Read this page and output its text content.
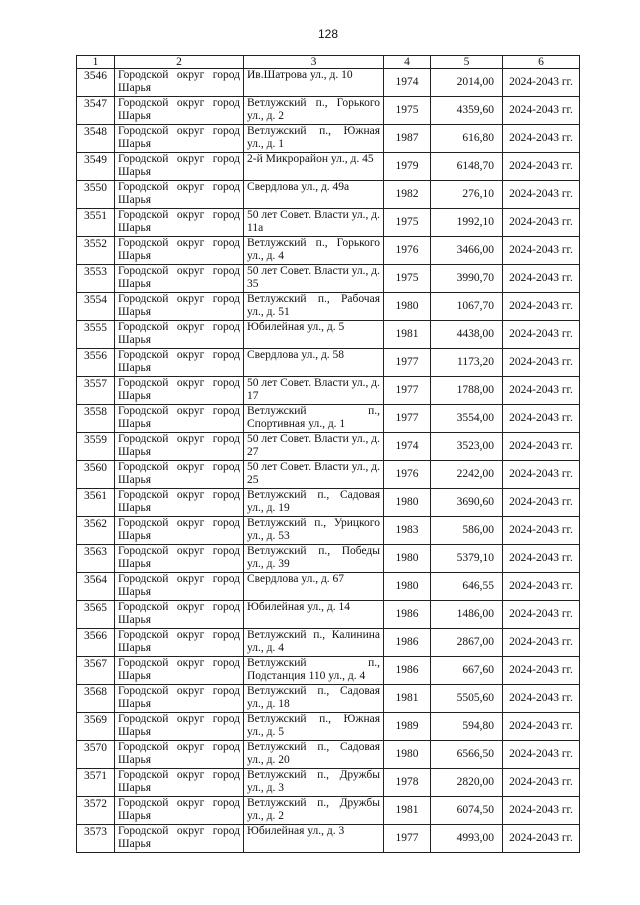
128
1	2	3	4	5	6
3546	Городской округ город Шарья	Ив.Шатрова ул., д. 10	1974	2014,00	2024-2043 гг.
3547	Городской округ город Шарья	Ветлужский п., Горького ул., д. 2	1975	4359,60	2024-2043 гг.
3548	Городской округ город Шарья	Ветлужский п., Южная ул., д. 1	1987	616,80	2024-2043 гг.
3549	Городской округ город Шарья	2-й Микрорайон ул., д. 45	1979	6148,70	2024-2043 гг.
3550	Городской округ город Шарья	Свердлова ул., д. 49а	1982	276,10	2024-2043 гг.
3551	Городской округ город Шарья	50 лет Совет. Власти ул., д. 11а	1975	1992,10	2024-2043 гг.
3552	Городской округ город Шарья	Ветлужский п., Горького ул., д. 4	1976	3466,00	2024-2043 гг.
3553	Городской округ город Шарья	50 лет Совет. Власти ул., д. 35	1975	3990,70	2024-2043 гг.
3554	Городской округ город Шарья	Ветлужский п., Рабочая ул., д. 51	1980	1067,70	2024-2043 гг.
3555	Городской округ город Шарья	Юбилейная ул., д. 5	1981	4438,00	2024-2043 гг.
3556	Городской округ город Шарья	Свердлова ул., д. 58	1977	1173,20	2024-2043 гг.
3557	Городской округ город Шарья	50 лет Совет. Власти ул., д. 17	1977	1788,00	2024-2043 гг.
3558	Городской округ город Шарья	Ветлужский п., Спортивная ул., д. 1	1977	3554,00	2024-2043 гг.
3559	Городской округ город Шарья	50 лет Совет. Власти ул., д. 27	1974	3523,00	2024-2043 гг.
3560	Городской округ город Шарья	50 лет Совет. Власти ул., д. 25	1976	2242,00	2024-2043 гг.
3561	Городской округ город Шарья	Ветлужский п., Садовая ул., д. 19	1980	3690,60	2024-2043 гг.
3562	Городской округ город Шарья	Ветлужский п., Урицкого ул., д. 53	1983	586,00	2024-2043 гг.
3563	Городской округ город Шарья	Ветлужский п., Победы ул., д. 39	1980	5379,10	2024-2043 гг.
3564	Городской округ город Шарья	Свердлова ул., д. 67	1980	646,55	2024-2043 гг.
3565	Городской округ город Шарья	Юбилейная ул., д. 14	1986	1486,00	2024-2043 гг.
3566	Городской округ город Шарья	Ветлужский п., Калинина ул., д. 4	1986	2867,00	2024-2043 гг.
3567	Городской округ город Шарья	Ветлужский п., Подстанция 110 ул., д. 4	1986	667,60	2024-2043 гг.
3568	Городской округ город Шарья	Ветлужский п., Садовая ул., д. 18	1981	5505,60	2024-2043 гг.
3569	Городской округ город Шарья	Ветлужский п., Южная ул., д. 5	1989	594,80	2024-2043 гг.
3570	Городской округ город Шарья	Ветлужский п., Садовая ул., д. 20	1980	6566,50	2024-2043 гг.
3571	Городской округ город Шарья	Ветлужский п., Дружбы ул., д. 3	1978	2820,00	2024-2043 гг.
3572	Городской округ город Шарья	Ветлужский п., Дружбы ул., д. 2	1981	6074,50	2024-2043 гг.
3573	Городской округ город Шарья	Юбилейная ул., д. 3	1977	4993,00	2024-2043 гг.
